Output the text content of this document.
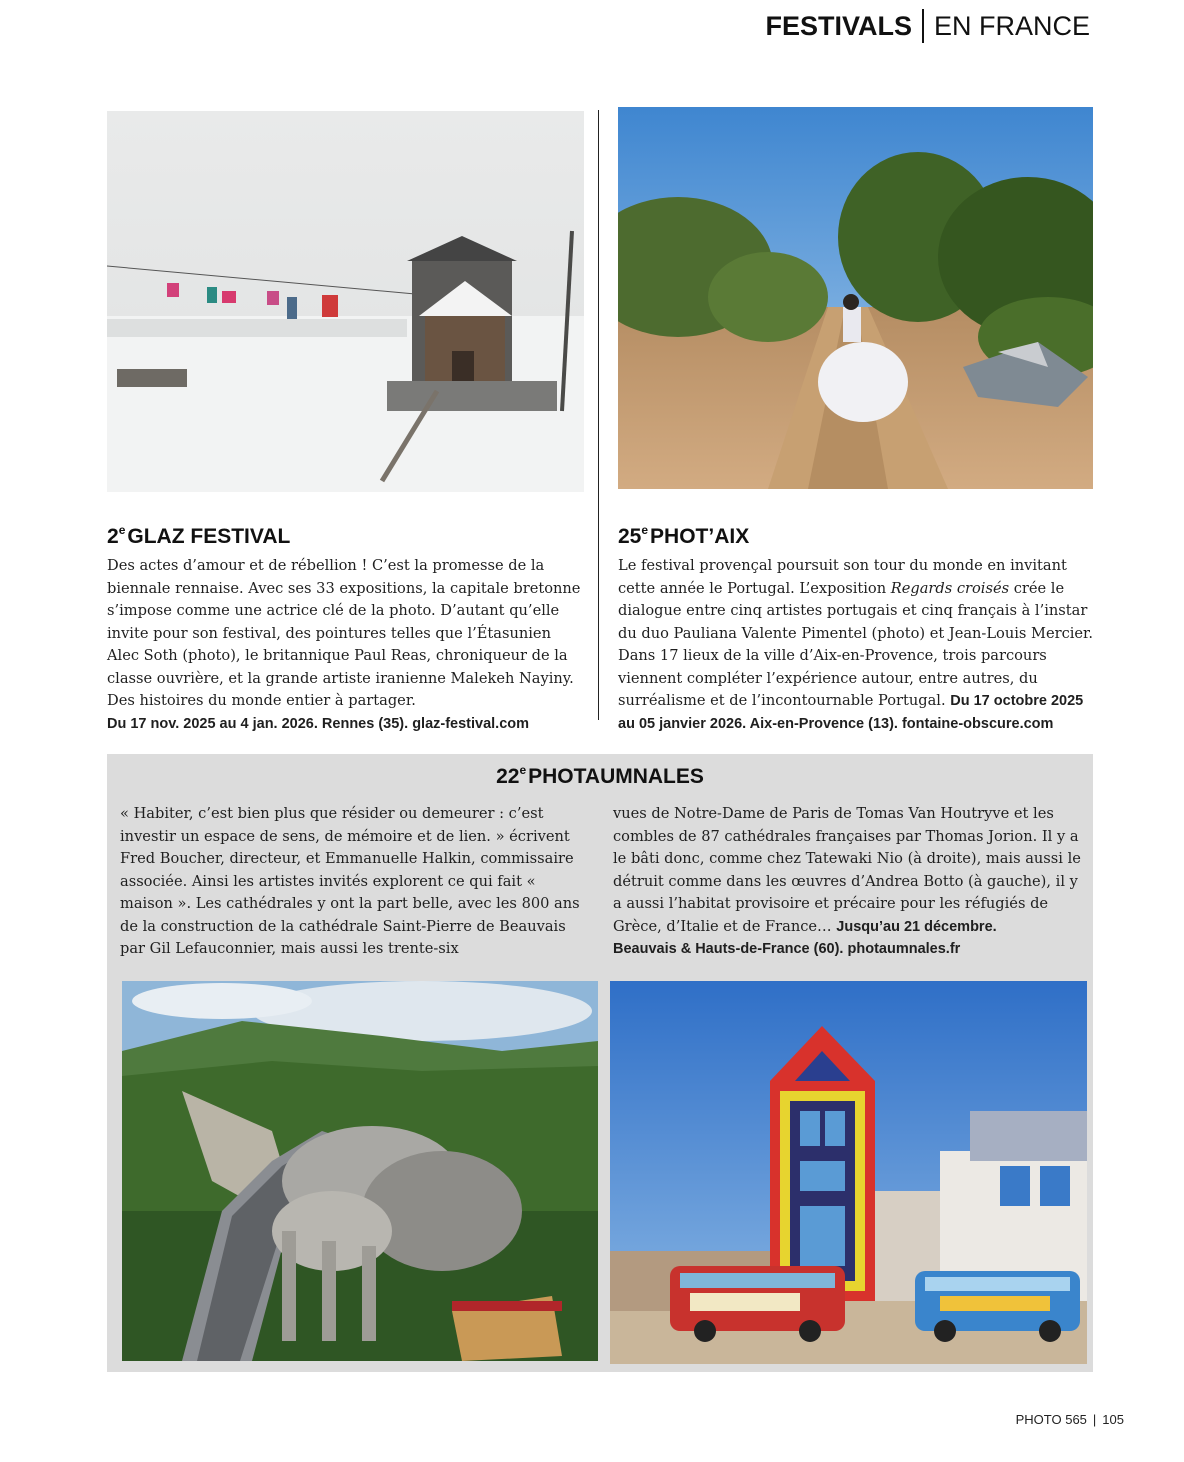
FESTIVALS EN FRANCE
2eGLAZ FESTIVAL
Des actes d’amour et de rébellion ! C’est la promesse de la biennale rennaise. Avec ses 33 expositions, la capitale bretonne s’impose comme une actrice clé de la photo. D’autant qu’elle invite pour son festival, des pointures telles que l’Étasunien Alec Soth (photo), le britannique Paul Reas, chroniqueur de la classe ouvrière, et la grande artiste iranienne Malekeh Nayiny. Des histoires du monde entier à partager.
Du 17 nov. 2025 au 4 jan. 2026. Rennes (35). glaz-festival.com
25ePHOT’AIX
Le festival provençal poursuit son tour du monde en invitant cette année le Portugal. L’exposition Regards croisés crée le dialogue entre cinq artistes portugais et cinq français à l’instar du duo Pauliana Valente Pimentel (photo) et Jean-Louis Mercier. Dans 17 lieux de la ville d’Aix-en-Provence, trois parcours viennent compléter l’expérience autour, entre autres, du surréalisme et de l’incontournable Portugal. Du 17 octobre 2025 au 05 janvier 2026. Aix-en-Provence (13). fontaine-obscure.com
22ePHOTAUMNALES
« Habiter, c’est bien plus que résider ou demeurer : c’est investir un espace de sens, de mémoire et de lien. » écrivent Fred Boucher, directeur, et Emmanuelle Halkin, commissaire associée. Ainsi les artistes invités explorent ce qui fait « maison ». Les cathédrales y ont la part belle, avec les 800 ans de la construction de la cathédrale Saint-Pierre de Beauvais par Gil Lefauconnier, mais aussi les trente-six
vues de Notre-Dame de Paris de Tomas Van Houtryve et les combles de 87 cathédrales françaises par Thomas Jorion. Il y a le bâti donc, comme chez Tatewaki Nio (à droite), mais aussi le détruit comme dans les œuvres d’Andrea Botto (à gauche), il y a aussi l’habitat provisoire et précaire pour les réfugiés de Grèce, d’Italie et de France… Jusqu’au 21 décembre.
Beauvais & Hauts-de-France (60). photaumnales.fr
PHOTO 565 | 105
